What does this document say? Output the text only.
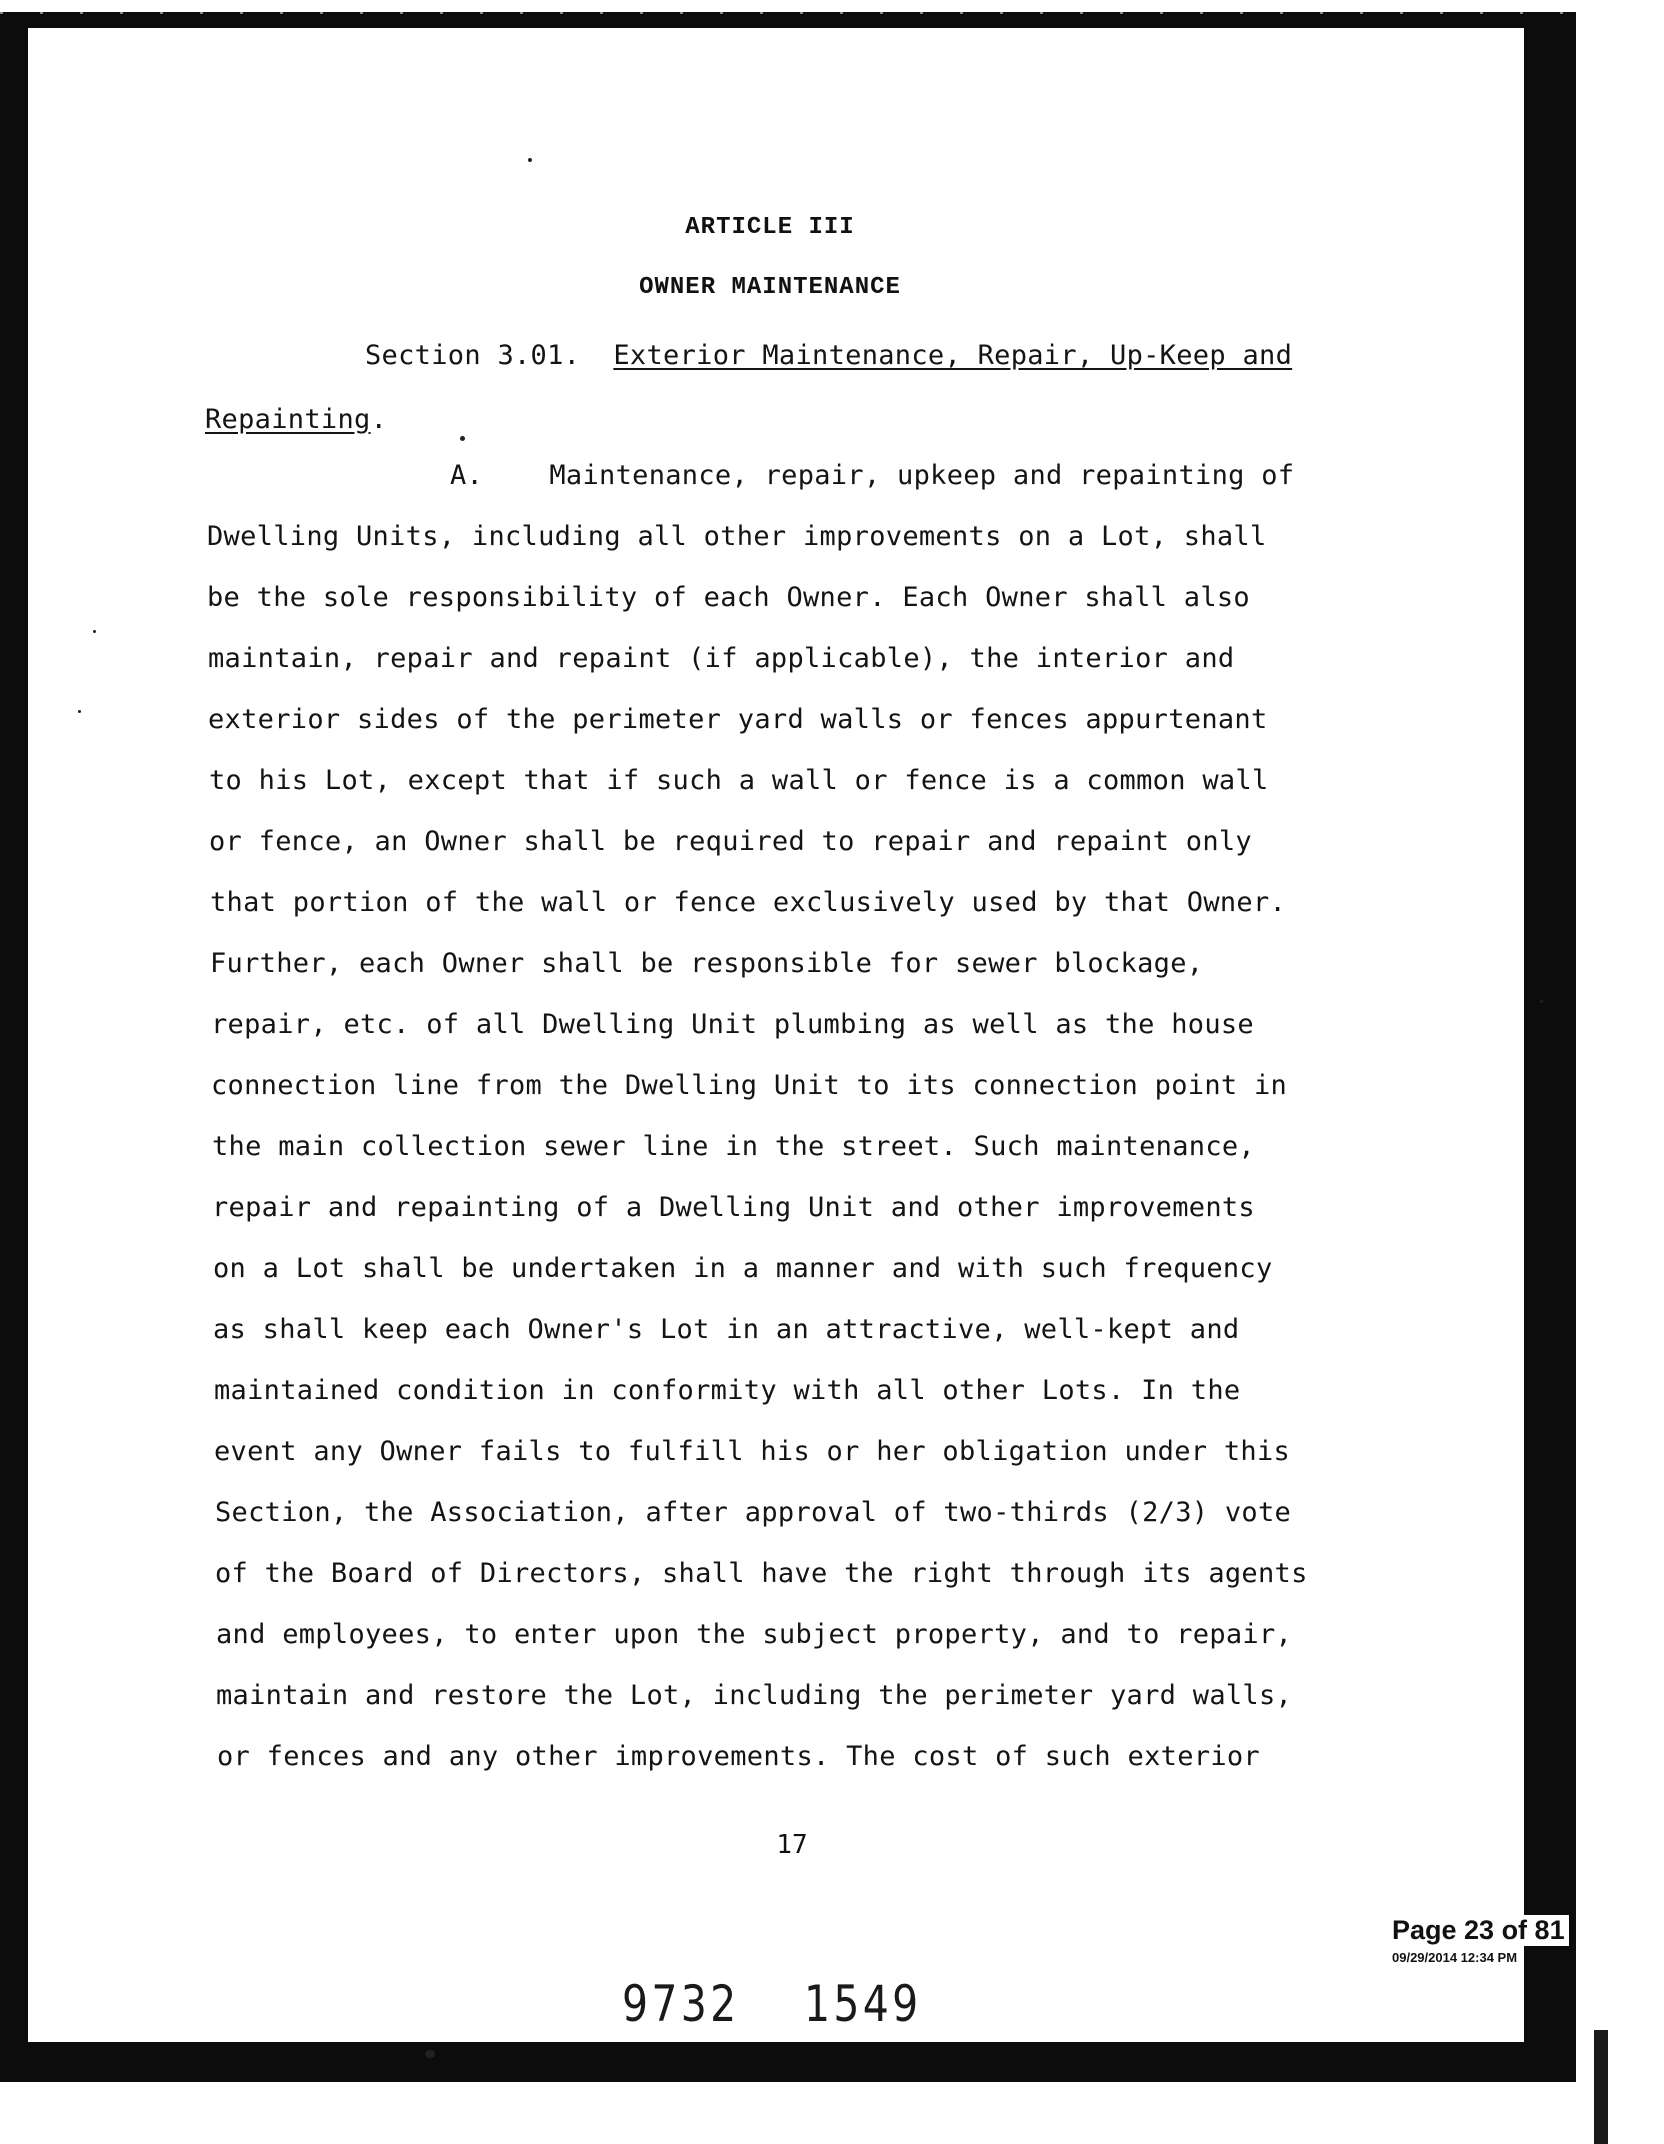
ARTICLE III
OWNER MAINTENANCE
Section 3.01. Exterior Maintenance, Repair, Up-Keep and
Repainting.
A. Maintenance, repair, upkeep and repainting of
Dwelling Units, including all other improvements on a Lot, shall
be the sole responsibility of each Owner. Each Owner shall also
maintain, repair and repaint (if applicable), the interior and
exterior sides of the perimeter yard walls or fences appurtenant
to his Lot, except that if such a wall or fence is a common wall
or fence, an Owner shall be required to repair and repaint only
that portion of the wall or fence exclusively used by that Owner.
Further, each Owner shall be responsible for sewer blockage,
repair, etc. of all Dwelling Unit plumbing as well as the house
connection line from the Dwelling Unit to its connection point in
the main collection sewer line in the street. Such maintenance,
repair and repainting of a Dwelling Unit and other improvements
on a Lot shall be undertaken in a manner and with such frequency
as shall keep each Owner's Lot in an attractive, well-kept and
maintained condition in conformity with all other Lots. In the
event any Owner fails to fulfill his or her obligation under this
Section, the Association, after approval of two-thirds (2/3) vote
of the Board of Directors, shall have the right through its agents
and employees, to enter upon the subject property, and to repair,
maintain and restore the Lot, including the perimeter yard walls,
or fences and any other improvements. The cost of such exterior
17
Page 23 of 81
09/29/2014 12:34 PM
9732 1549
